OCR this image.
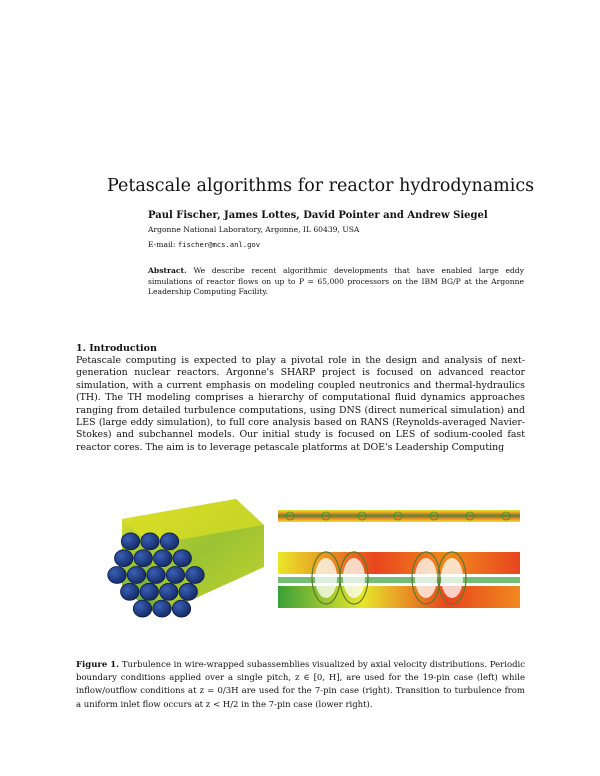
Petascale algorithms for reactor hydrodynamics
Paul Fischer, James Lottes, David Pointer and Andrew Siegel
Argonne National Laboratory, Argonne, IL 60439, USA
E-mail: fischer@mcs.anl.gov
Abstract. We describe recent algorithmic developments that have enabled large eddy simulations of reactor flows on up to P = 65,000 processors on the IBM BG/P at the Argonne Leadership Computing Facility.
1. Introduction
Petascale computing is expected to play a pivotal role in the design and analysis of next-generation nuclear reactors. Argonne's SHARP project is focused on advanced reactor simulation, with a current emphasis on modeling coupled neutronics and thermal-hydraulics (TH). The TH modeling comprises a hierarchy of computational fluid dynamics approaches ranging from detailed turbulence computations, using DNS (direct numerical simulation) and LES (large eddy simulation), to full core analysis based on RANS (Reynolds-averaged Navier-Stokes) and subchannel models. Our initial study is focused on LES of sodium-cooled fast reactor cores. The aim is to leverage petascale platforms at DOE's Leadership Computing
Figure 1. Turbulence in wire-wrapped subassemblies visualized by axial velocity distributions. Periodic boundary conditions applied over a single pitch, z ∈ [0, H], are used for the 19-pin case (left) while inflow/outflow conditions at z = 0/3H are used for the 7-pin case (right). Transition to turbulence from a uniform inlet flow occurs at z < H/2 in the 7-pin case (lower right).
